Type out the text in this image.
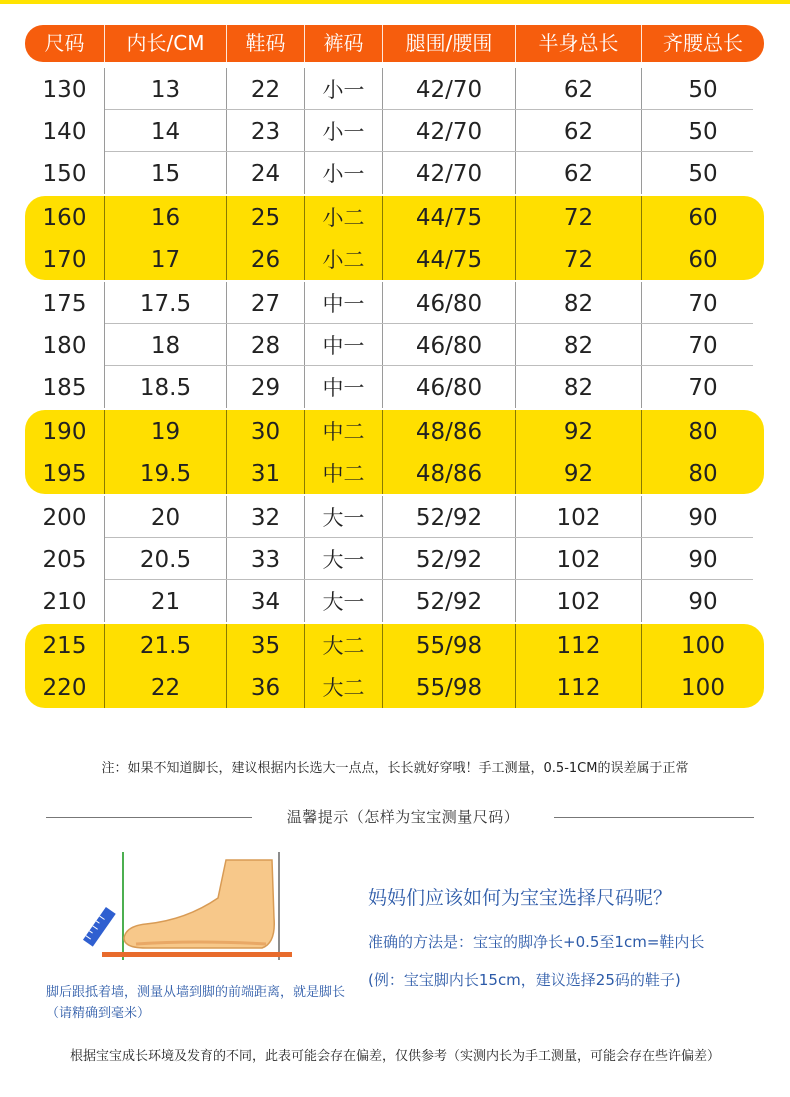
尺码	内长/CM	鞋码	裤码	腿围/腰围	半身总长	齐腰总长
130	13	22	小一	42/70	62	50
140	14	23	小一	42/70	62	50
150	15	24	小一	42/70	62	50
160	16	25	小二	44/75	72	60
170	17	26	小二	44/75	72	60
175	17.5	27	中一	46/80	82	70
180	18	28	中一	46/80	82	70
185	18.5	29	中一	46/80	82	70
190	19	30	中二	48/86	92	80
195	19.5	31	中二	48/86	92	80
200	20	32	大一	52/92	102	90
205	20.5	33	大一	52/92	102	90
210	21	34	大一	52/92	102	90
215	21.5	35	大二	55/98	112	100
220	22	36	大二	55/98	112	100
注：如果不知道脚长，建议根据内长选大一点点，长长就好穿哦！手工测量，0.5-1CM的误差属于正常
温馨提示（怎样为宝宝测量尺码）
妈妈们应该如何为宝宝选择尺码呢？
准确的方法是：宝宝的脚净长+0.5至1cm=鞋内长
(例：宝宝脚内长15cm，建议选择25码的鞋子)
脚后跟抵着墙，测量从墙到脚的前端距离，就是脚长（请精确到毫米）
根据宝宝成长环境及发育的不同，此表可能会存在偏差，仅供参考（实测内长为手工测量，可能会存在些许偏差）
